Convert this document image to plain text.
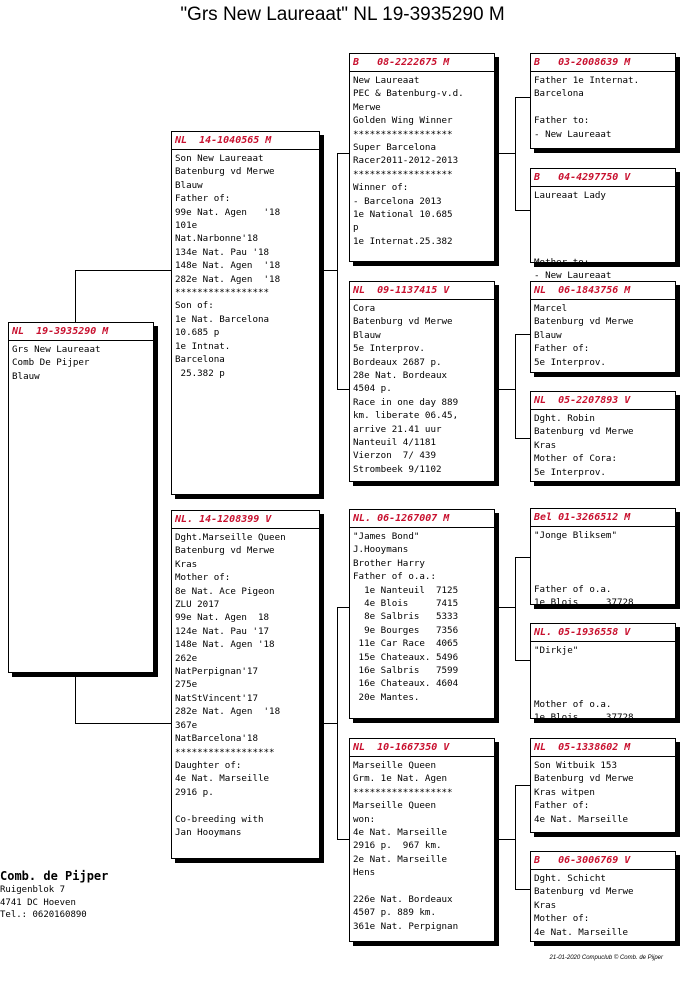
"Grs New Laureaat" NL 19-3935290 M
NL  19-3935290 M
Grs New Laureaat
Comb De Pijper
Blauw
NL  14-1040565 M
Son New Laureaat
Batenburg vd Merwe
Blauw
Father of:
99e Nat. Agen   '18
101e
Nat.Narbonne'18
134e Nat. Pau '18
148e Nat. Agen  '18
282e Nat. Agen  '18
*****************
Son of:
1e Nat. Barcelona
10.685 p
1e Intnat.
Barcelona
25.382 p
NL. 14-1208399 V
Dght.Marseille Queen
Batenburg vd Merwe
Kras
Mother of:
8e Nat. Ace Pigeon
ZLU 2017
99e Nat. Agen  18
124e Nat. Pau '17
148e Nat. Agen '18
262e
NatPerpignan'17
275e
NatStVincent'17
282e Nat. Agen  '18
367e
NatBarcelona'18
******************
Daughter of:
4e Nat. Marseille
2916 p.

Co-breeding with
Jan Hooymans
B   08-2222675 M
New Laureaat
PEC & Batenburg-v.d.
Merwe
Golden Wing Winner
******************
Super Barcelona
Racer2011-2012-2013
******************
Winner of:
- Barcelona 2013
1e National 10.685
p
1e Internat.25.382
NL  09-1137415 V
Cora
Batenburg vd Merwe
Blauw
5e Interprov.
Bordeaux 2687 p.
28e Nat. Bordeaux
4504 p.
Race in one day 889
km. liberate 06.45,
arrive 21.41 uur
Nanteuil 4/1181
Vierzon  7/ 439
Strombeek 9/1102
NL. 06-1267007 M
"James Bond"
J.Hooymans
Brother Harry
Father of o.a.:
1e Nanteuil  7125
4e Blois     7415
8e Salbris   5333
9e Bourges   7356
11e Car Race  4065
15e Chateaux. 5496
16e Salbris   7599
16e Chateaux. 4604
20e Mantes.
NL  10-1667350 V
Marseille Queen
Grm. 1e Nat. Agen
******************
Marseille Queen
won:
4e Nat. Marseille
2916 p.  967 km.
2e Nat. Marseille
Hens

226e Nat. Bordeaux
4507 p. 889 km.
361e Nat. Perpignan
B   03-2008639 M
Father 1e Internat.
Barcelona

Father to:
- New Laureaat
B   04-4297750 V
Laureaat Lady

Mother to:
- New Laureaat
NL  06-1843756 M
Marcel
Batenburg vd Merwe
Blauw
Father of:
5e Interprov.
NL  05-2207893 V
Dght. Robin
Batenburg vd Merwe
Kras
Mother of Cora:
5e Interprov.
Bel 01-3266512 M
"Jonge Bliksem"

Father of o.a.
1e Blois     37728
NL. 05-1936558 V
"Dirkje"

Mother of o.a.
1e Blois     37728
NL  05-1338602 M
Son Witbuik 153
Batenburg vd Merwe
Kras witpen
Father of:
4e Nat. Marseille
B   06-3006769 V
Dght. Schicht
Batenburg vd Merwe
Kras
Mother of:
4e Nat. Marseille
Comb. de Pijper
Ruigenblok 7
4741 DC Hoeven
Tel.: 0620160890
21-01-2020 Compuclub © Comb. de Pijper
